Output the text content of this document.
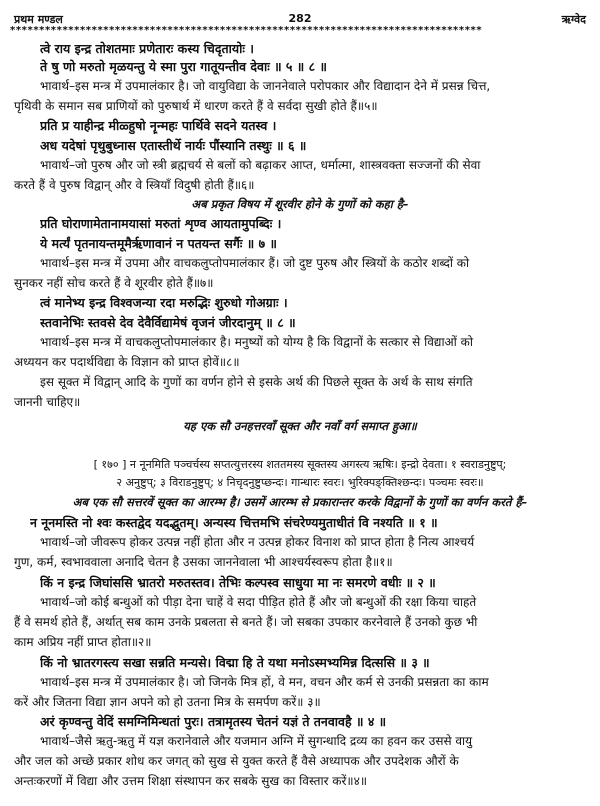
प्रथम मण्डल	282	ऋग्वेद
*********************************************************************************
त्वे राय इन्द्र तोशतमाः प्रणेतारः कस्य चिदृतायोः ।
ते षु णो मरुतो मृळयन्तु ये स्मा पुरा गातूयन्तीव देवाः ॥ ५ ॥ ८ ॥
भावार्थ–इस मन्त्र में उपमालंकार है। जो वायुविद्या के जाननेवाले परोपकार और विद्यादान देने में प्रसन्न चित्त,
पृथिवी के समान सब प्राणियों को पुरुषार्थ में धारण करते हैं वे सर्वदा सुखी होते हैं॥५॥
प्रति प्र याहीन्द्र मीळ्हुषो नॄन्महः पार्थिवे सदने यतस्व ।
अध यदेषां पृथुबुध्नास एतास्तीर्थे नार्यः पौंस्यानि तस्थुः ॥ ६ ॥
भावार्थ–जो पुरुष और जो स्त्री ब्रह्मचर्य से बलों को बढ़ाकर आप्त, धर्मात्मा, शास्त्रवक्ता सज्जनों की सेवा
करते हैं वे पुरुष विद्वान् और वे स्त्रियाँ विदुषी होती हैं॥६॥
अब प्रकृत विषय में शूरवीर होने के गुणों को कहा है–
प्रति घोराणामेतानामयासां मरुतां शृण्व आयतामुपब्दिः ।
ये मर्त्यं पृतनायन्तमूमैर्ऋणावानं न पतयन्त सर्गैः ॥ ७ ॥
भावार्थ–इस मन्त्र में उपमा और वाचकलुप्तोपमालंकार हैं। जो दुष्ट पुरुष और स्त्रियों के कठोर शब्दों को
सुनकर नहीं सोच करते हैं वे शूरवीर होते हैं॥७॥
त्वं मानेभ्य इन्द्र विश्वजन्या रदा मरुद्भिः शुरुधो गोअग्राः ।
स्तवानेभिः स्तवसे देव देवैर्विद्यामेषं वृजनं जीरदानुम् ॥ ८ ॥
भावार्थ–इस मन्त्र में वाचकलुप्तोपमालंकार है। मनुष्यों को योग्य है कि विद्वानों के सत्कार से विद्याओं को
अध्ययन कर पदार्थविद्या के विज्ञान को प्राप्त होवें॥८॥
इस सूक्त में विद्वान् आदि के गुणों का वर्णन होने से इसके अर्थ की पिछले सूक्त के अर्थ के साथ संगति
जाननी चाहिए॥
यह एक सौ उनहत्तरवाँ सूक्त और नवाँ वर्ग समाप्त हुआ॥
[ १७० ] न नूनमिति पञ्चर्चस्य सप्तत्युत्तरस्य शततमस्य सूक्तस्य अगस्त्य ऋषिः। इन्द्रो देवता। १ स्वराडनुष्टुप्;
२ अनुष्टुप्; ३ विराडनुष्टुप्; ४ निचृदनुष्टुप्छन्दः। गान्धारः स्वरः। भुरिक्पङ्क्तिश्छन्दः। पञ्चमः स्वरः॥
अब एक सौ सत्तरवें सूक्त का आरम्भ है। उसमें आरम्भ से प्रकारान्तर करके विद्वानों के गुणों का वर्णन करते हैं–
न नूनमस्ति नो श्वः कस्तद्वेद यदद्भुतम्। अन्यस्य चित्तमभि संचरेण्यमुताधीतं वि नश्यति ॥ १ ॥
भावार्थ–जो जीवरूप होकर उत्पन्न नहीं होता और न उत्पन्न होकर विनाश को प्राप्त होता है नित्य आश्चर्य
गुण, कर्म, स्वभाववाला अनादि चेतन है उसका जाननेवाला भी आश्चर्यस्वरूप होता है॥१॥
किं न इन्द्र जिघांससि भ्रातरो मरुतस्तव। तेभिः कल्पस्व साधुया मा नः समरणे वधीः ॥ २ ॥
भावार्थ–जो कोई बन्धुओं को पीड़ा देना चाहें वे सदा पीड़ित होते हैं और जो बन्धुओं की रक्षा किया चाहते
हैं वे समर्थ होते हैं, अर्थात् सब काम उनके प्रबलता से बनते हैं। जो सबका उपकार करनेवाले हैं उनको कुछ भी
काम अप्रिय नहीं प्राप्त होता॥२॥
किं नो भ्रातरगस्त्य सखा सन्नति मन्यसे। विद्मा हि ते यथा मनोऽस्मभ्यमिन्न दित्ससि ॥ ३ ॥
भावार्थ–इस मन्त्र में उपमालंकार है। जो जिनके मित्र हों, वे मन, वचन और कर्म से उनकी प्रसन्नता का काम
करें और जितना विद्या ज्ञान अपने को हो उतना मित्र के समर्पण करें॥ ३॥
अरं कृण्वन्तु वेदिं समग्निमिन्धतां पुरः। तत्रामृतस्य चेतनं यज्ञं ते तनवावहै ॥ ४ ॥
भावार्थ–जैसे ऋतु-ऋतु में यज्ञ करानेवाले और यजमान अग्नि में सुगन्धादि द्रव्य का हवन कर उससे वायु
और जल को अच्छे प्रकार शोध कर जगत् को सुख से युक्त करते हैं वैसे अध्यापक और उपदेशक औरों के
अन्तःकरणों में विद्या और उत्तम शिक्षा संस्थापन कर सबके सुख का विस्तार करें॥४॥
